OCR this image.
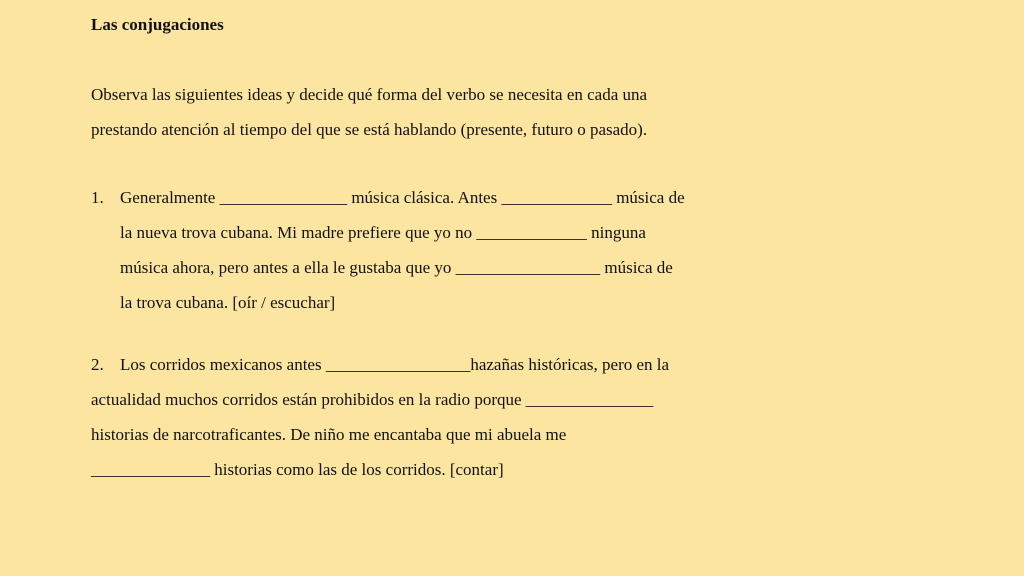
Las conjugaciones
Observa las siguientes ideas y decide qué forma del verbo se necesita en cada una
prestando atención al tiempo del que se está hablando (presente, futuro o pasado).
1. Generalmente _______________ música clásica. Antes _____________ música de
la nueva trova cubana. Mi madre prefiere que yo no _____________ ninguna
música ahora, pero antes a ella le gustaba que yo _________________ música de
la trova cubana. [oír / escuchar]
2. Los corridos mexicanos antes _________________hazañas históricas, pero en la
actualidad muchos corridos están prohibidos en la radio porque _______________
historias de narcotraficantes. De niño me encantaba que mi abuela me
______________ historias como las de los corridos. [contar]
